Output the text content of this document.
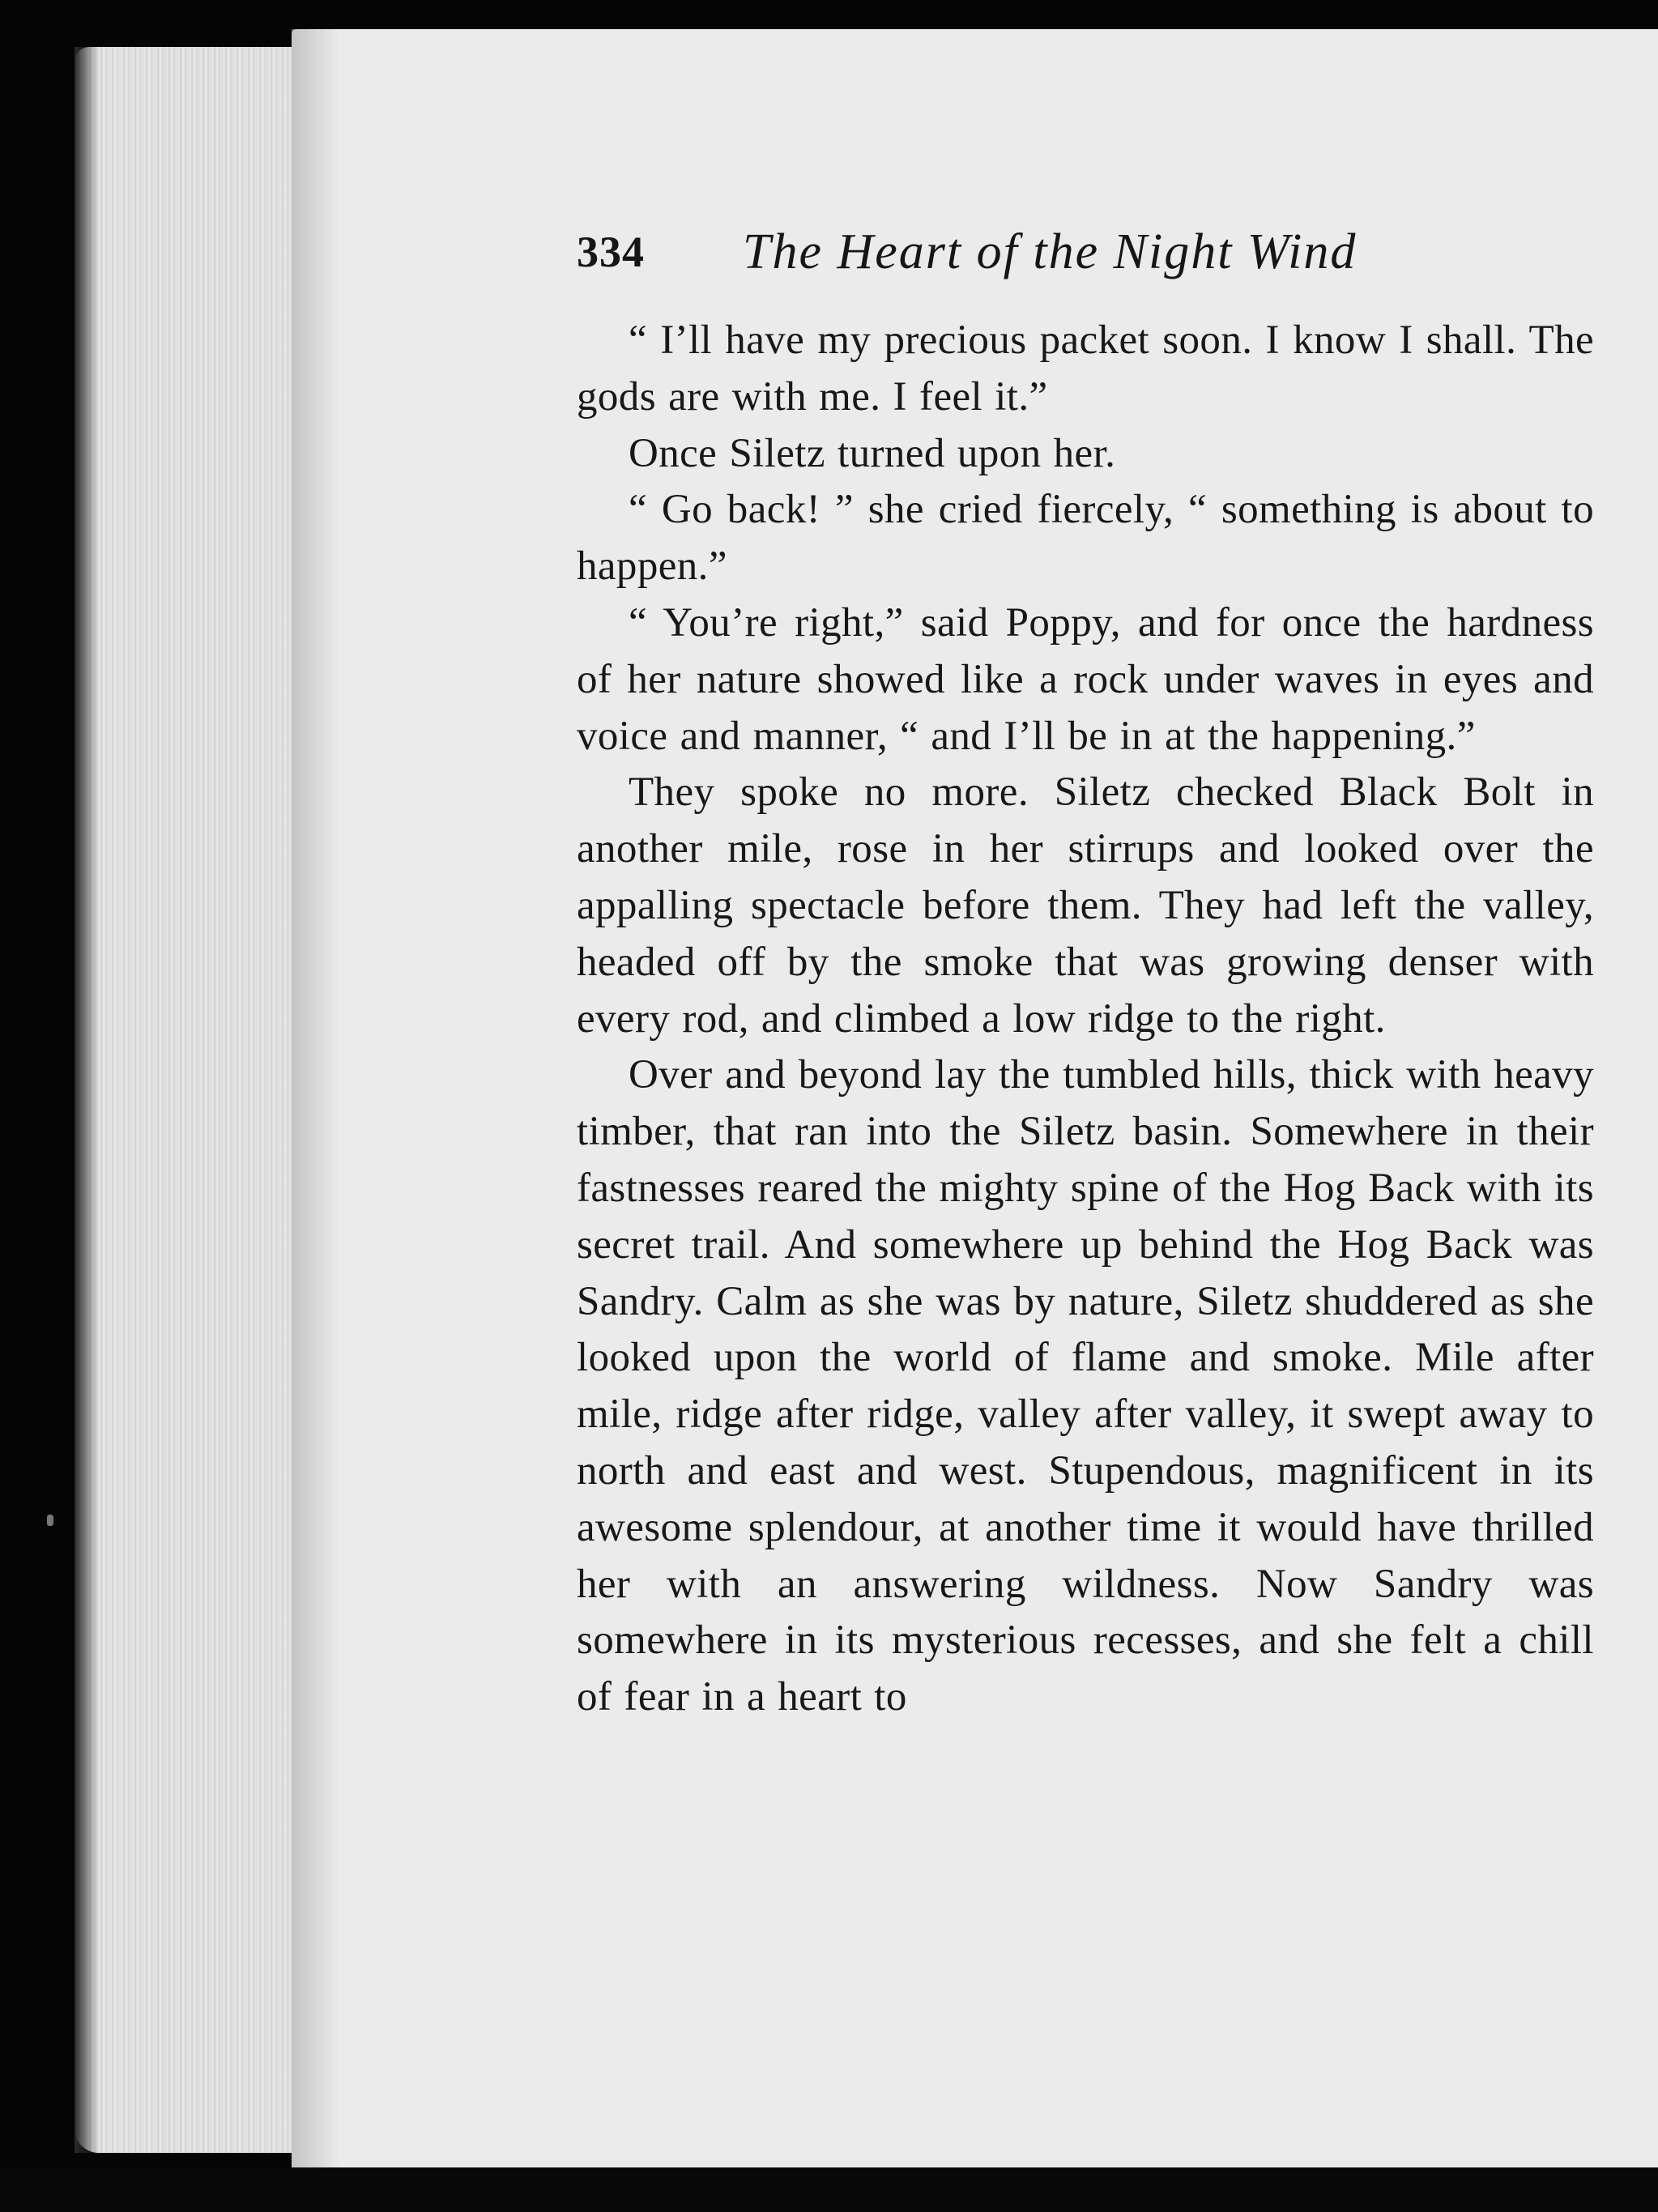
334 The Heart of the Night Wind

“ I’ll have my precious packet soon. I know I shall. The gods are with me. I feel it.”

Once Siletz turned upon her.

“ Go back! ” she cried fiercely, “ something is about to happen.”

“ You’re right,” said Poppy, and for once the hardness of her nature showed like a rock under waves in eyes and voice and manner, “ and I’ll be in at the happening.”

They spoke no more. Siletz checked Black Bolt in another mile, rose in her stirrups and looked over the appalling spectacle before them. They had left the valley, headed off by the smoke that was growing denser with every rod, and climbed a low ridge to the right.

Over and beyond lay the tumbled hills, thick with heavy timber, that ran into the Siletz basin. Somewhere in their fastnesses reared the mighty spine of the Hog Back with its secret trail. And somewhere up behind the Hog Back was Sandry. Calm as she was by nature, Siletz shuddered as she looked upon the world of flame and smoke. Mile after mile, ridge after ridge, valley after valley, it swept away to north and east and west. Stupendous, magnificent in its awesome splendour, at another time it would have thrilled her with an answering wildness. Now Sandry was somewhere in its mysterious recesses, and she felt a chill of fear in a heart to
